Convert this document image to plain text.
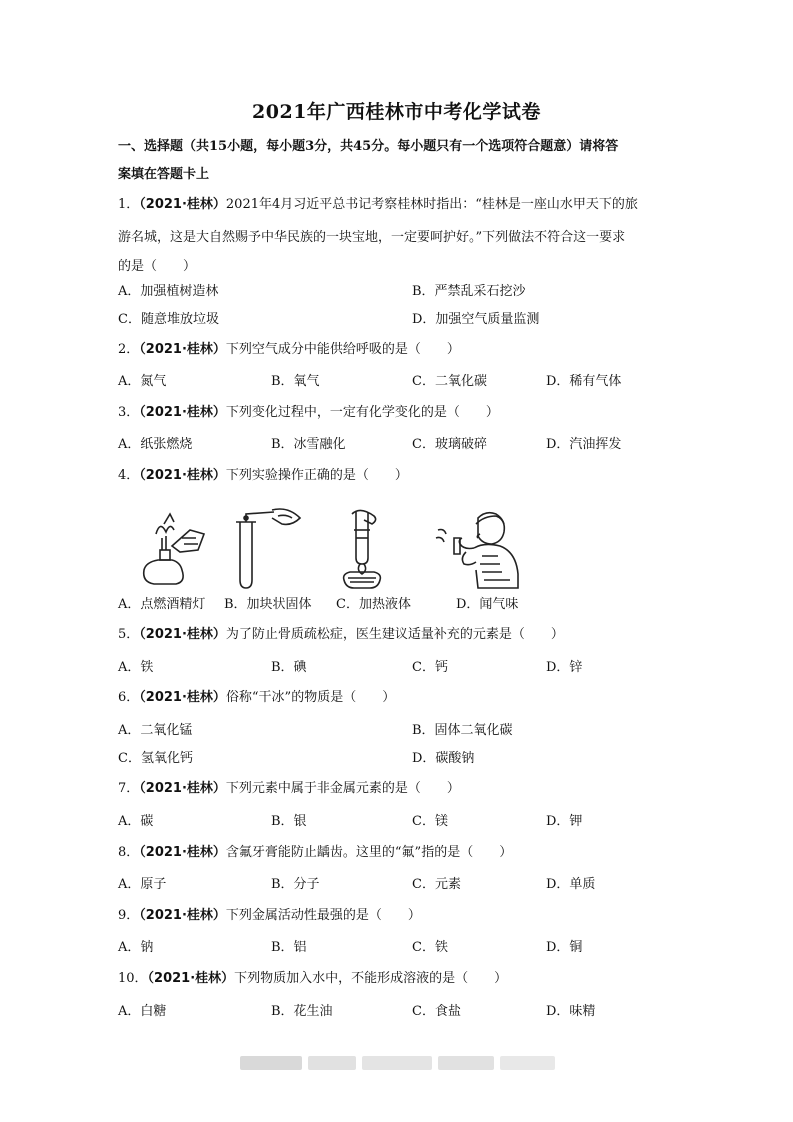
2021年广西桂林市中考化学试卷
一、选择题（共15小题，每小题3分，共45分。每小题只有一个选项符合题意）请将答
案填在答题卡上
1．（2021·桂林）2021年4月习近平总书记考察桂林时指出：“桂林是一座山水甲天下的旅
游名城，这是大自然赐予中华民族的一块宝地，一定要呵护好。”下列做法不符合这一要求
的是（　　）
A．加强植树造林	B．严禁乱采石挖沙
C．随意堆放垃圾	D．加强空气质量监测
2．（2021·桂林）下列空气成分中能供给呼吸的是（　　）
A．氮气	B．氧气	C．二氧化碳	D．稀有气体
3．（2021·桂林）下列变化过程中，一定有化学变化的是（　　）
A．纸张燃烧	B．冰雪融化	C．玻璃破碎	D．汽油挥发
4．（2021·桂林）下列实验操作正确的是（　　）
A．点燃酒精灯 B．加块状固体 C．加热液体	D．闻气味
5．（2021·桂林）为了防止骨质疏松症，医生建议适量补充的元素是（　　）
A．铁	B．碘	C．钙	D．锌
6．（2021·桂林）俗称“干冰”的物质是（　　）
A．二氧化锰	B．固体二氧化碳
C．氢氧化钙	D．碳酸钠
7．（2021·桂林）下列元素中属于非金属元素的是（　　）
A．碳	B．银	C．镁	D．钾
8．（2021·桂林）含氟牙膏能防止龋齿。这里的“氟”指的是（　　）
A．原子	B．分子	C．元素	D．单质
9．（2021·桂林）下列金属活动性最强的是（　　）
A．钠	B．铝	C．铁	D．铜
10．（2021·桂林）下列物质加入水中，不能形成溶液的是（　　）
A．白糖	B．花生油	C．食盐	D．味精
